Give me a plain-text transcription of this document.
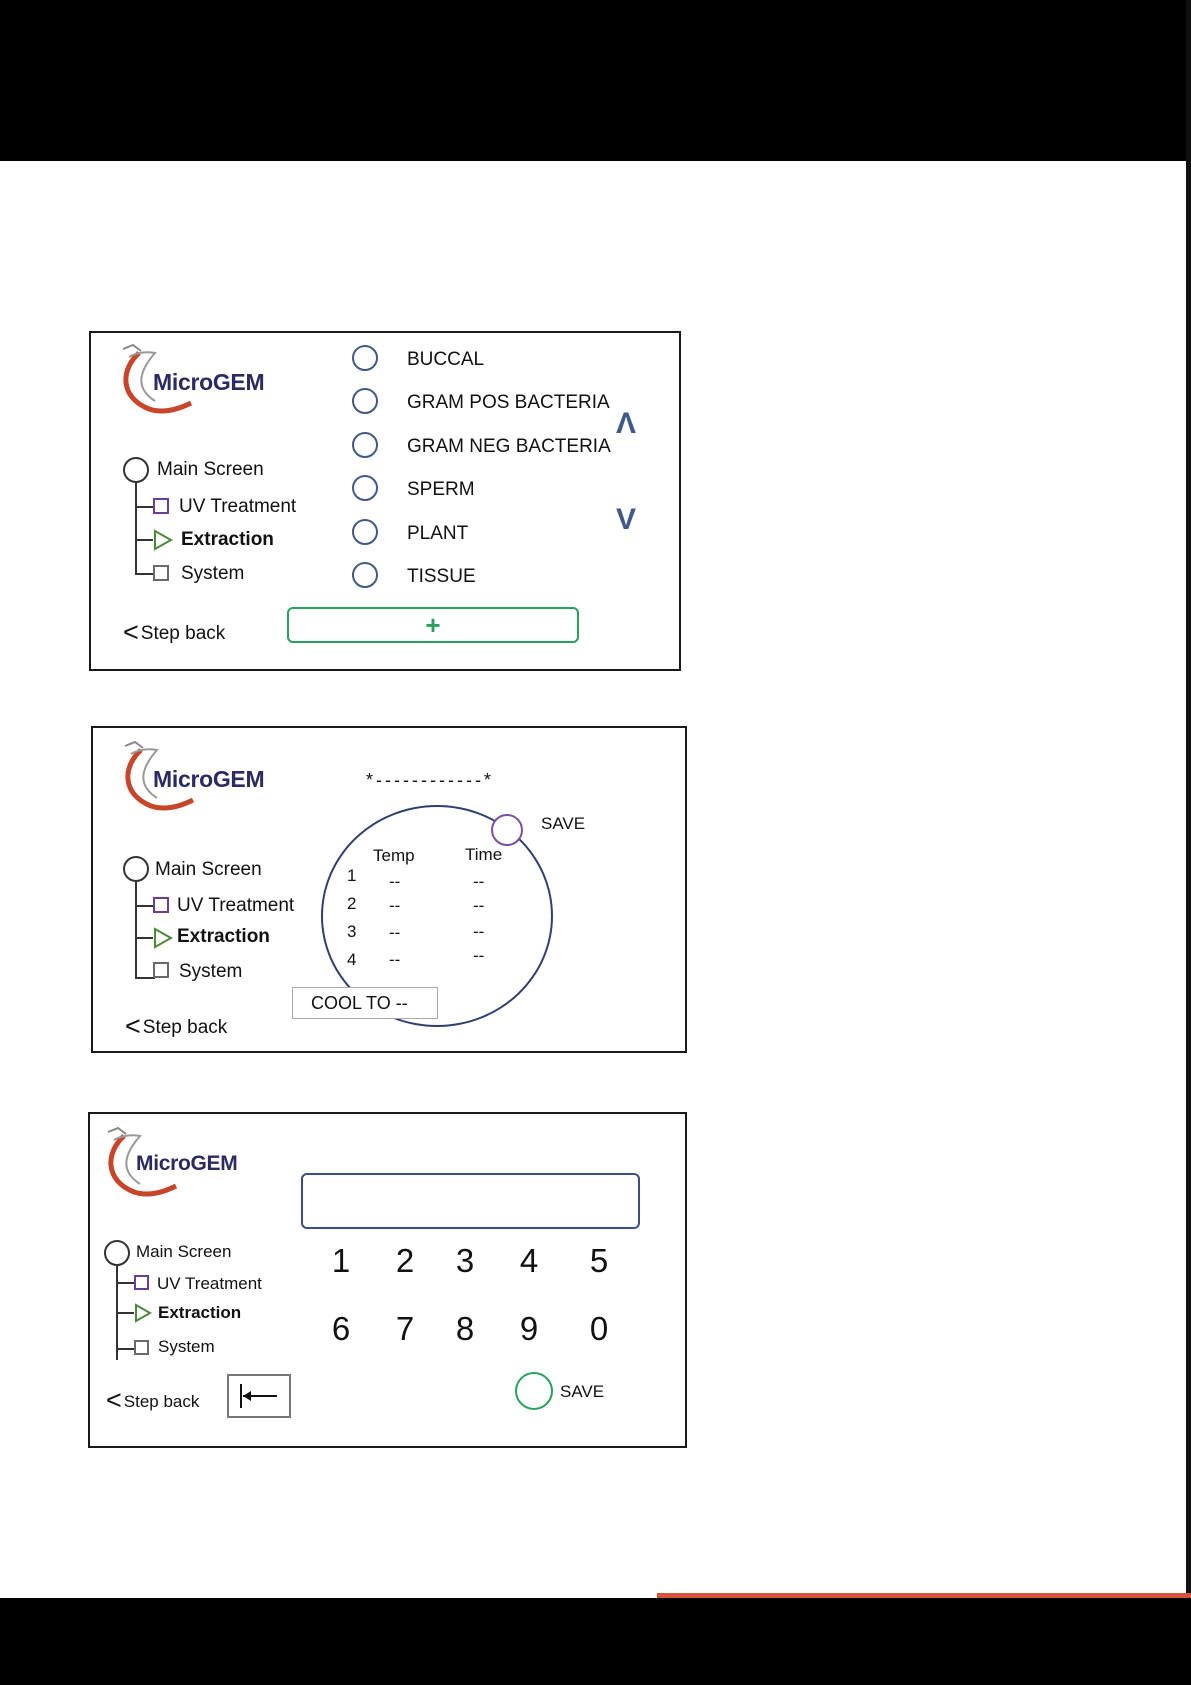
MicroGEM
Main Screen
UV Treatment
Extraction
System
< Step back
BUCCAL
GRAM POS BACTERIA
GRAM NEG BACTERIA
SPERM
PLANT
TISSUE
Λ
V
+
MicroGEM
Main Screen
UV Treatment
Extraction
System
< Step back
*------------*
SAVE
Temp	Time
1 --	--
2 --	--
3 --	--
4 --	--
COOL TO --
MicroGEM
Main Screen
UV Treatment
Extraction
System
< Step back
1	2	3	4	5
6	7	8	9	0
SAVE
